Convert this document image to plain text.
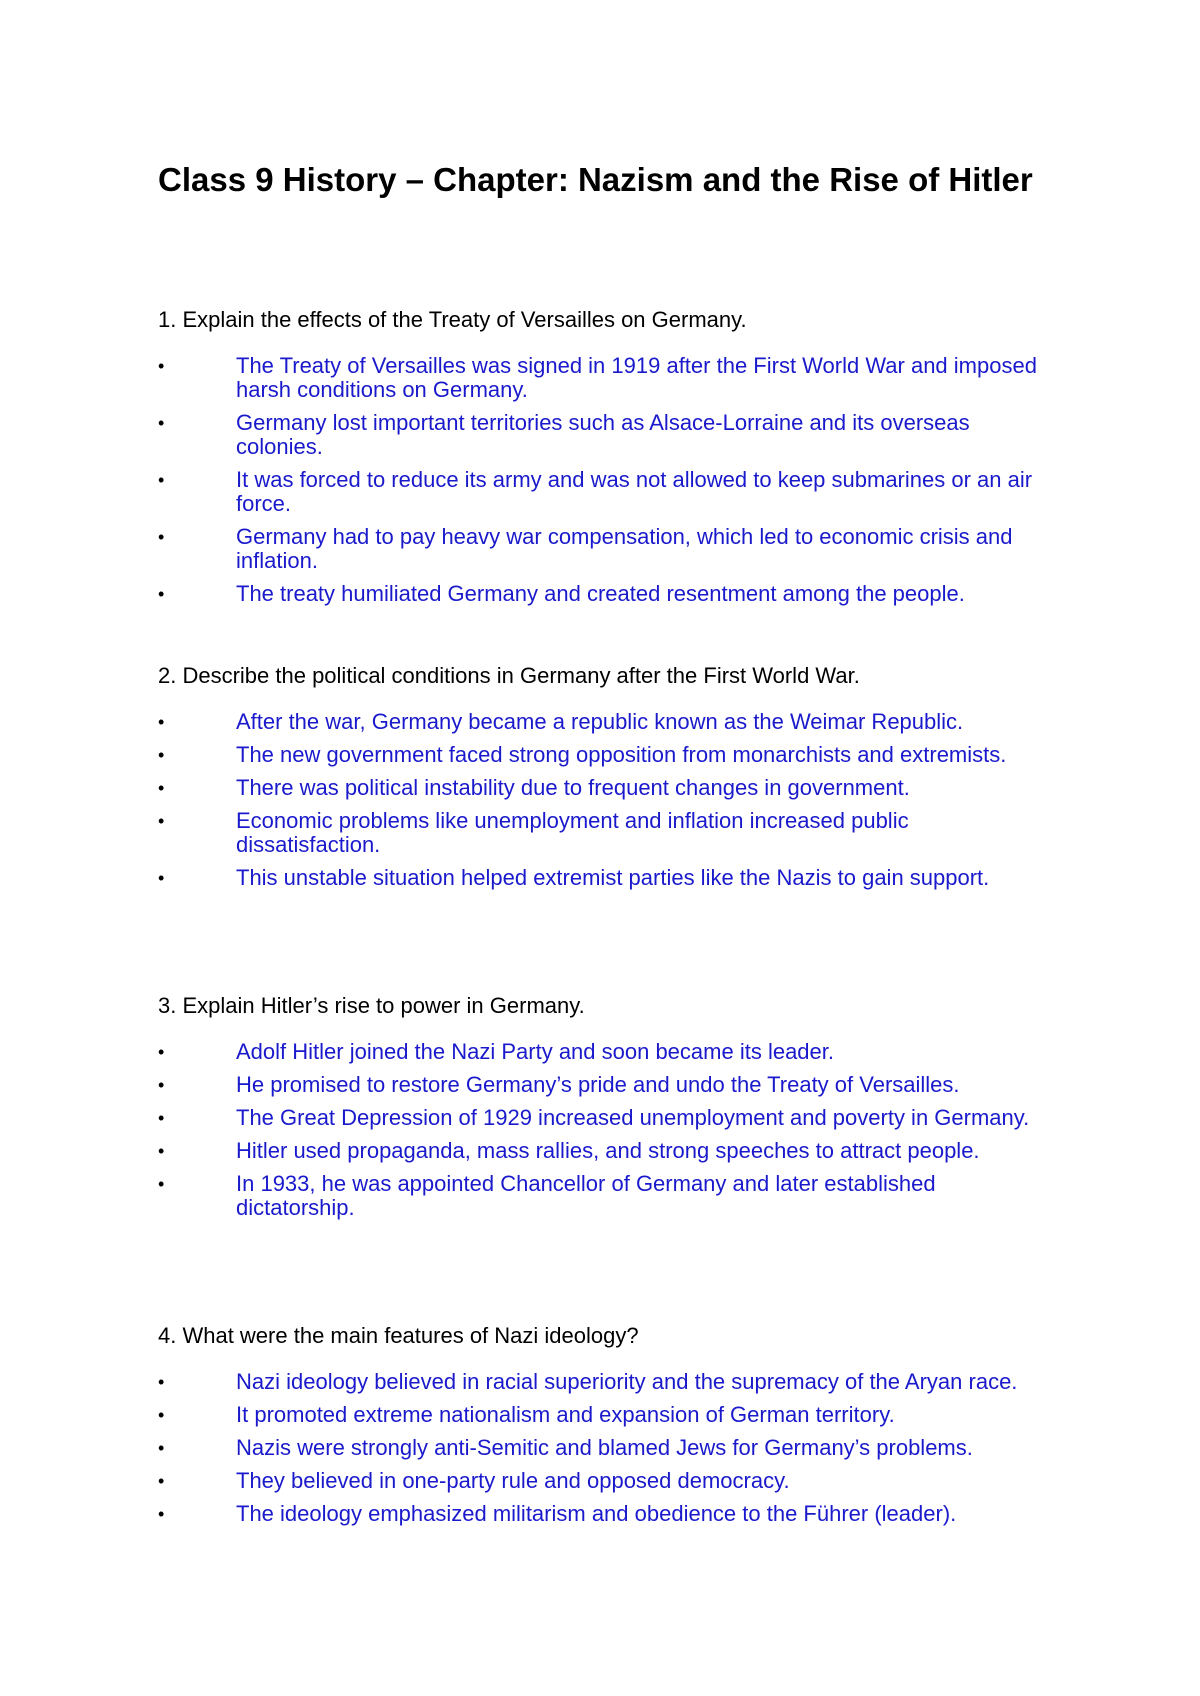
Class 9 History – Chapter: Nazism and the Rise of Hitler

1. Explain the effects of the Treaty of Versailles on Germany.

•	The Treaty of Versailles was signed in 1919 after the First World War and imposed harsh conditions on Germany.
•	Germany lost important territories such as Alsace-Lorraine and its overseas colonies.
•	It was forced to reduce its army and was not allowed to keep submarines or an air force.
•	Germany had to pay heavy war compensation, which led to economic crisis and inflation.
•	The treaty humiliated Germany and created resentment among the people.

2. Describe the political conditions in Germany after the First World War.

•	After the war, Germany became a republic known as the Weimar Republic.
•	The new government faced strong opposition from monarchists and extremists.
•	There was political instability due to frequent changes in government.
•	Economic problems like unemployment and inflation increased public dissatisfaction.
•	This unstable situation helped extremist parties like the Nazis to gain support.

3. Explain Hitler’s rise to power in Germany.

•	Adolf Hitler joined the Nazi Party and soon became its leader.
•	He promised to restore Germany’s pride and undo the Treaty of Versailles.
•	The Great Depression of 1929 increased unemployment and poverty in Germany.
•	Hitler used propaganda, mass rallies, and strong speeches to attract people.
•	In 1933, he was appointed Chancellor of Germany and later established dictatorship.

4. What were the main features of Nazi ideology?

•	Nazi ideology believed in racial superiority and the supremacy of the Aryan race.
•	It promoted extreme nationalism and expansion of German territory.
•	Nazis were strongly anti-Semitic and blamed Jews for Germany’s problems.
•	They believed in one-party rule and opposed democracy.
•	The ideology emphasized militarism and obedience to the Führer (leader).
